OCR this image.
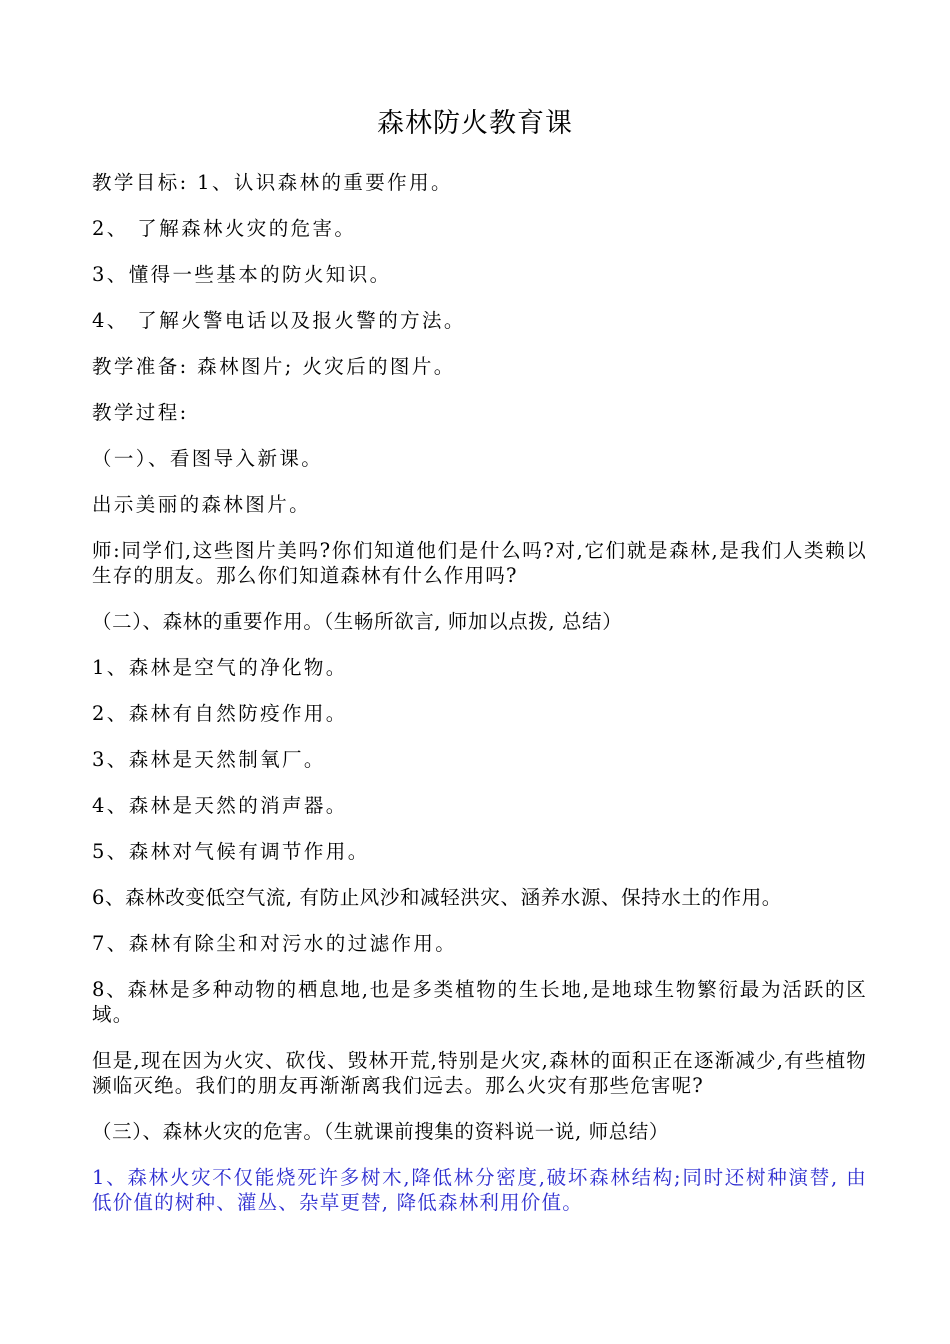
森林防火教育课

教学目标: 1、认识森林的重要作用。

2、 了解森林火灾的危害。

3、懂得一些基本的防火知识。

4、 了解火警电话以及报火警的方法。

教学准备: 森林图片; 火灾后的图片。

教学过程:

（一）、看图导入新课。

出示美丽的森林图片。

师:同学们,这些图片美吗?你们知道他们是什么吗?对,它们就是森林,是我们人类赖以生存的朋友。那么你们知道森林有什么作用吗?

（二）、森林的重要作用。（生畅所欲言, 师加以点拨, 总结）

1、森林是空气的净化物。

2、森林有自然防疫作用。

3、森林是天然制氧厂。

4、森林是天然的消声器。

5、森林对气候有调节作用。

6、森林改变低空气流, 有防止风沙和减轻洪灾、涵养水源、保持水土的作用。

7、森林有除尘和对污水的过滤作用。

8、森林是多种动物的栖息地,也是多类植物的生长地,是地球生物繁衍最为活跃的区域。

但是,现在因为火灾、砍伐、毁林开荒,特别是火灾,森林的面积正在逐渐减少,有些植物濒临灭绝。我们的朋友再渐渐离我们远去。那么火灾有那些危害呢?

（三）、森林火灾的危害。（生就课前搜集的资料说一说, 师总结）

1、森林火灾不仅能烧死许多树木,降低林分密度,破坏森林结构;同时还树种演替, 由低价值的树种、灌丛、杂草更替, 降低森林利用价值。
